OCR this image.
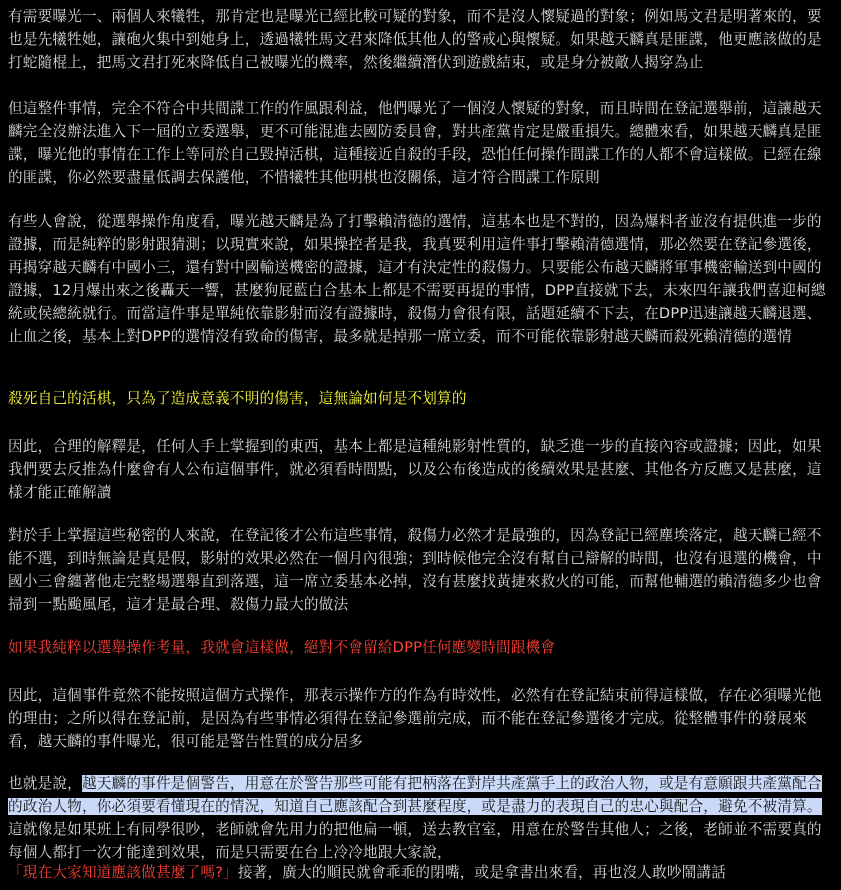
有需要曝光一、兩個人來犧牲，那肯定也是曝光已經比較可疑的對象，而不是沒人懷疑過的對象；例如馬文君是明著來的，要也是先犧牲她，讓砲火集中到她身上，透過犧牲馬文君來降低其他人的警戒心與懷疑。如果越天麟真是匪諜，他更應該做的是打蛇隨棍上，把馬文君打死來降低自己被曝光的機率，然後繼續潛伏到遊戲結束，或是身分被敵人揭穿為止

但這整件事情，完全不符合中共間諜工作的作風跟利益，他們曝光了一個沒人懷疑的對象，而且時間在登記選舉前，這讓越天麟完全沒辦法進入下一屆的立委選舉，更不可能混進去國防委員會，對共產黨肯定是嚴重損失。總體來看，如果越天麟真是匪諜，曝光他的事情在工作上等同於自己毀掉活棋，這種接近自殺的手段，恐怕任何操作間諜工作的人都不會這樣做。已經在線的匪諜，你必然要盡量低調去保護他，不惜犧牲其他明棋也沒關係，這才符合間諜工作原則

有些人會說，從選舉操作角度看，曝光越天麟是為了打擊賴清德的選情，這基本也是不對的，因為爆料者並沒有提供進一步的證據，而是純粹的影射跟猜測；以現實來說，如果操控者是我，我真要利用這件事打擊賴清德選情，那必然要在登記參選後，再揭穿越天麟有中國小三，還有對中國輸送機密的證據，這才有決定性的殺傷力。只要能公布越天麟將軍事機密輸送到中國的證據，12月爆出來之後轟天一響，甚麼狗屁藍白合基本上都是不需要再提的事情，DPP直接就下去，未來四年讓我們喜迎柯總統或侯總統就行。而當這件事是單純依靠影射而沒有證據時，殺傷力會很有限，話題延續不下去，在DPP迅速讓越天麟退選、止血之後，基本上對DPP的選情沒有致命的傷害，最多就是掉那一席立委，而不可能依靠影射越天麟而殺死賴清德的選情

殺死自己的活棋，只為了造成意義不明的傷害，這無論如何是不划算的

因此，合理的解釋是，任何人手上掌握到的東西，基本上都是這種純影射性質的，缺乏進一步的直接內容或證據；因此，如果我們要去反推為什麼會有人公布這個事件，就必須看時間點，以及公布後造成的後續效果是甚麼、其他各方反應又是甚麼，這樣才能正確解讀

對於手上掌握這些秘密的人來說，在登記後才公布這些事情，殺傷力必然才是最強的，因為登記已經塵埃落定，越天麟已經不能不選，到時無論是真是假，影射的效果必然在一個月內很強；到時候他完全沒有幫自己辯解的時間，也沒有退選的機會，中國小三會纏著他走完整場選舉直到落選，這一席立委基本必掉，沒有甚麼找黃捷來救火的可能，而幫他輔選的賴清德多少也會掃到一點颱風尾，這才是最合理、殺傷力最大的做法

如果我純粹以選舉操作考量，我就會這樣做，絕對不會留給DPP任何應變時間跟機會

因此，這個事件竟然不能按照這個方式操作，那表示操作方的作為有時效性，必然有在登記結束前得這樣做，存在必須曝光他的理由；之所以得在登記前，是因為有些事情必須得在登記參選前完成，而不能在登記參選後才完成。從整體事件的發展來看，越天麟的事件曝光，很可能是警告性質的成分居多

也就是說，越天麟的事件是個警告，用意在於警告那些可能有把柄落在對岸共產黨手上的政治人物，或是有意願跟共產黨配合的政治人物，你必須要看懂現在的情況，知道自己應該配合到甚麼程度，或是盡力的表現自己的忠心與配合，避免不被清算。這就像是如果班上有同學很吵，老師就會先用力的把他扁一頓，送去教官室，用意在於警告其他人；之後，老師並不需要真的每個人都打一次才能達到效果，而是只需要在台上冷冷地跟大家說，

「現在大家知道應該做甚麼了嗎?」接著，廣大的順民就會乖乖的閉嘴，或是拿書出來看，再也沒人敢吵鬧講話
